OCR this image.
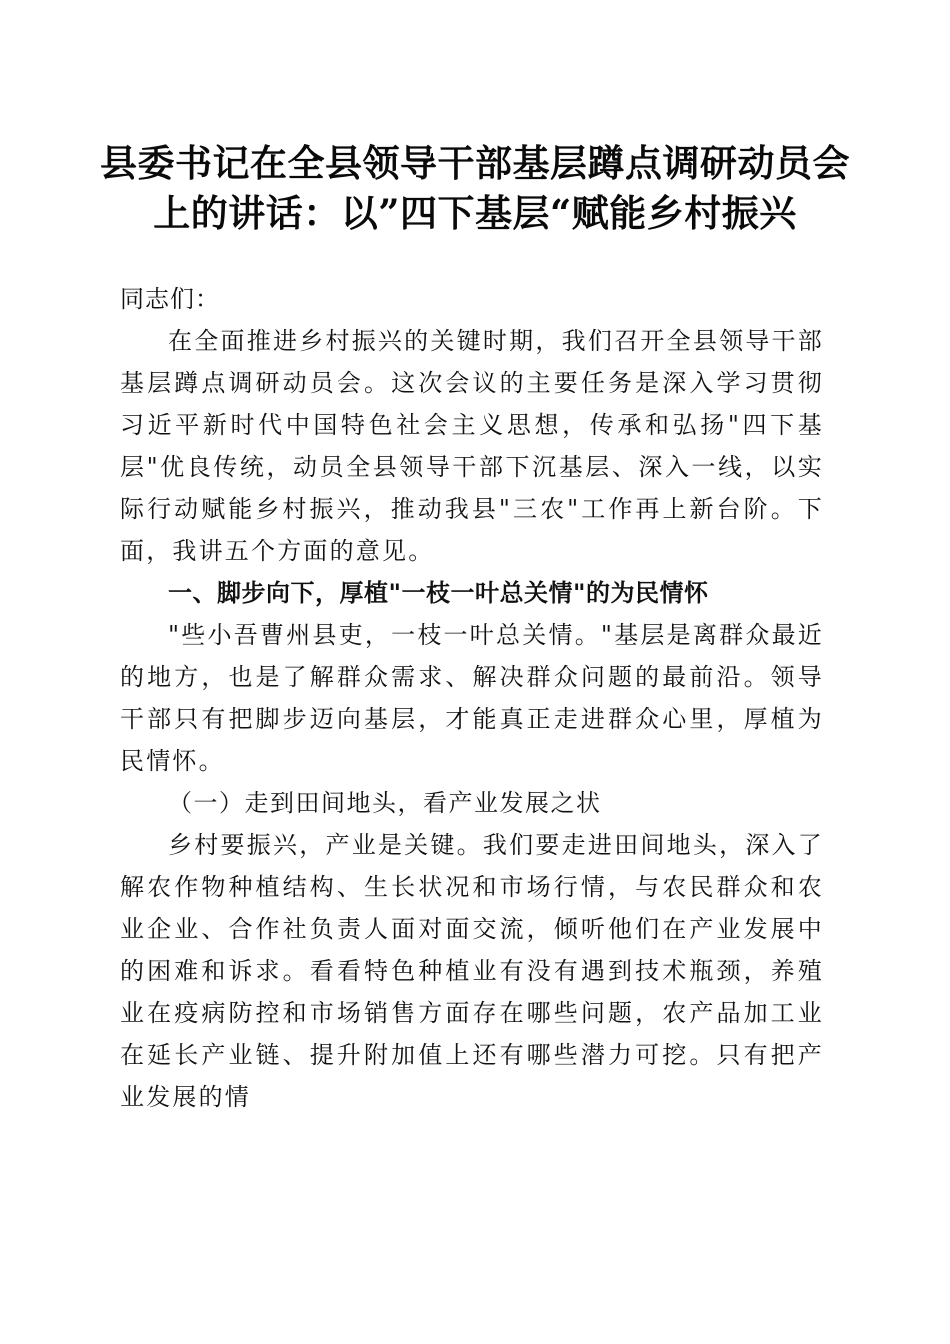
县委书记在全县领导干部基层蹲点调研动员会上的讲话：以”四下基层“赋能乡村振兴

同志们：

在全面推进乡村振兴的关键时期，我们召开全县领导干部基层蹲点调研动员会。这次会议的主要任务是深入学习贯彻习近平新时代中国特色社会主义思想，传承和弘扬"四下基层"优良传统，动员全县领导干部下沉基层、深入一线，以实际行动赋能乡村振兴，推动我县"三农"工作再上新台阶。下面，我讲五个方面的意见。

一、脚步向下，厚植"一枝一叶总关情"的为民情怀

"些小吾曹州县吏，一枝一叶总关情。"基层是离群众最近的地方，也是了解群众需求、解决群众问题的最前沿。领导干部只有把脚步迈向基层，才能真正走进群众心里，厚植为民情怀。

（一）走到田间地头，看产业发展之状

乡村要振兴，产业是关键。我们要走进田间地头，深入了解农作物种植结构、生长状况和市场行情，与农民群众和农业企业、合作社负责人面对面交流，倾听他们在产业发展中的困难和诉求。看看特色种植业有没有遇到技术瓶颈，养殖业在疫病防控和市场销售方面存在哪些问题，农产品加工业在延长产业链、提升附加值上还有哪些潜力可挖。只有把产业发展的情
